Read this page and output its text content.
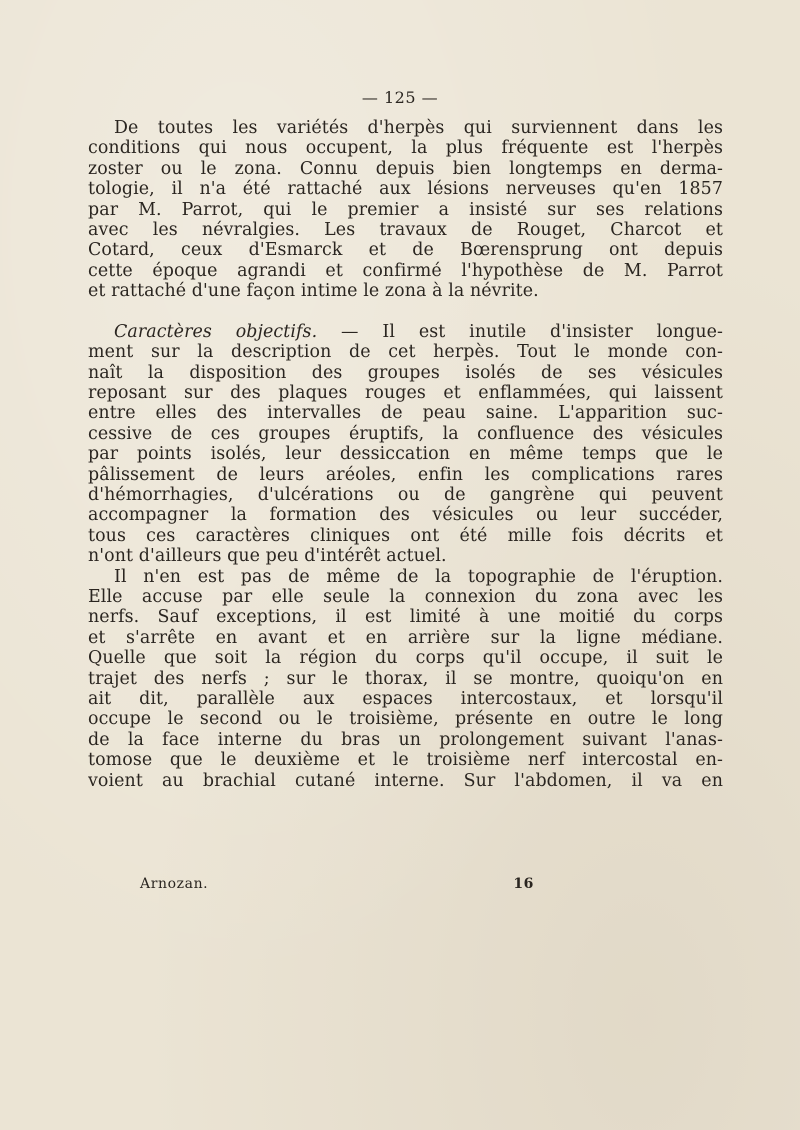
— 125 —
De toutes les variétés d'herpès qui surviennent dans les
conditions qui nous occupent, la plus fréquente est l'herpès
zoster ou le zona. Connu depuis bien longtemps en derma-
tologie, il n'a été rattaché aux lésions nerveuses qu'en 1857
par M. Parrot, qui le premier a insisté sur ses relations
avec les névralgies. Les travaux de Rouget, Charcot et
Cotard, ceux d'Esmarck et de Bœrensprung ont depuis
cette époque agrandi et confirmé l'hypothèse de M. Parrot
et rattaché d'une façon intime le zona à la névrite.
Caractères objectifs. — Il est inutile d'insister longue-
ment sur la description de cet herpès. Tout le monde con-
naît la disposition des groupes isolés de ses vésicules
reposant sur des plaques rouges et enflammées, qui laissent
entre elles des intervalles de peau saine. L'apparition suc-
cessive de ces groupes éruptifs, la confluence des vésicules
par points isolés, leur dessiccation en même temps que le
pâlissement de leurs aréoles, enfin les complications rares
d'hémorrhagies, d'ulcérations ou de gangrène qui peuvent
accompagner la formation des vésicules ou leur succéder,
tous ces caractères cliniques ont été mille fois décrits et
n'ont d'ailleurs que peu d'intérêt actuel.
Il n'en est pas de même de la topographie de l'éruption.
Elle accuse par elle seule la connexion du zona avec les
nerfs. Sauf exceptions, il est limité à une moitié du corps
et s'arrête en avant et en arrière sur la ligne médiane.
Quelle que soit la région du corps qu'il occupe, il suit le
trajet des nerfs ; sur le thorax, il se montre, quoiqu'on en
ait dit, parallèle aux espaces intercostaux, et lorsqu'il
occupe le second ou le troisième, présente en outre le long
de la face interne du bras un prolongement suivant l'anas-
tomose que le deuxième et le troisième nerf intercostal en-
voient au brachial cutané interne. Sur l'abdomen, il va en
Arnozan.	16
